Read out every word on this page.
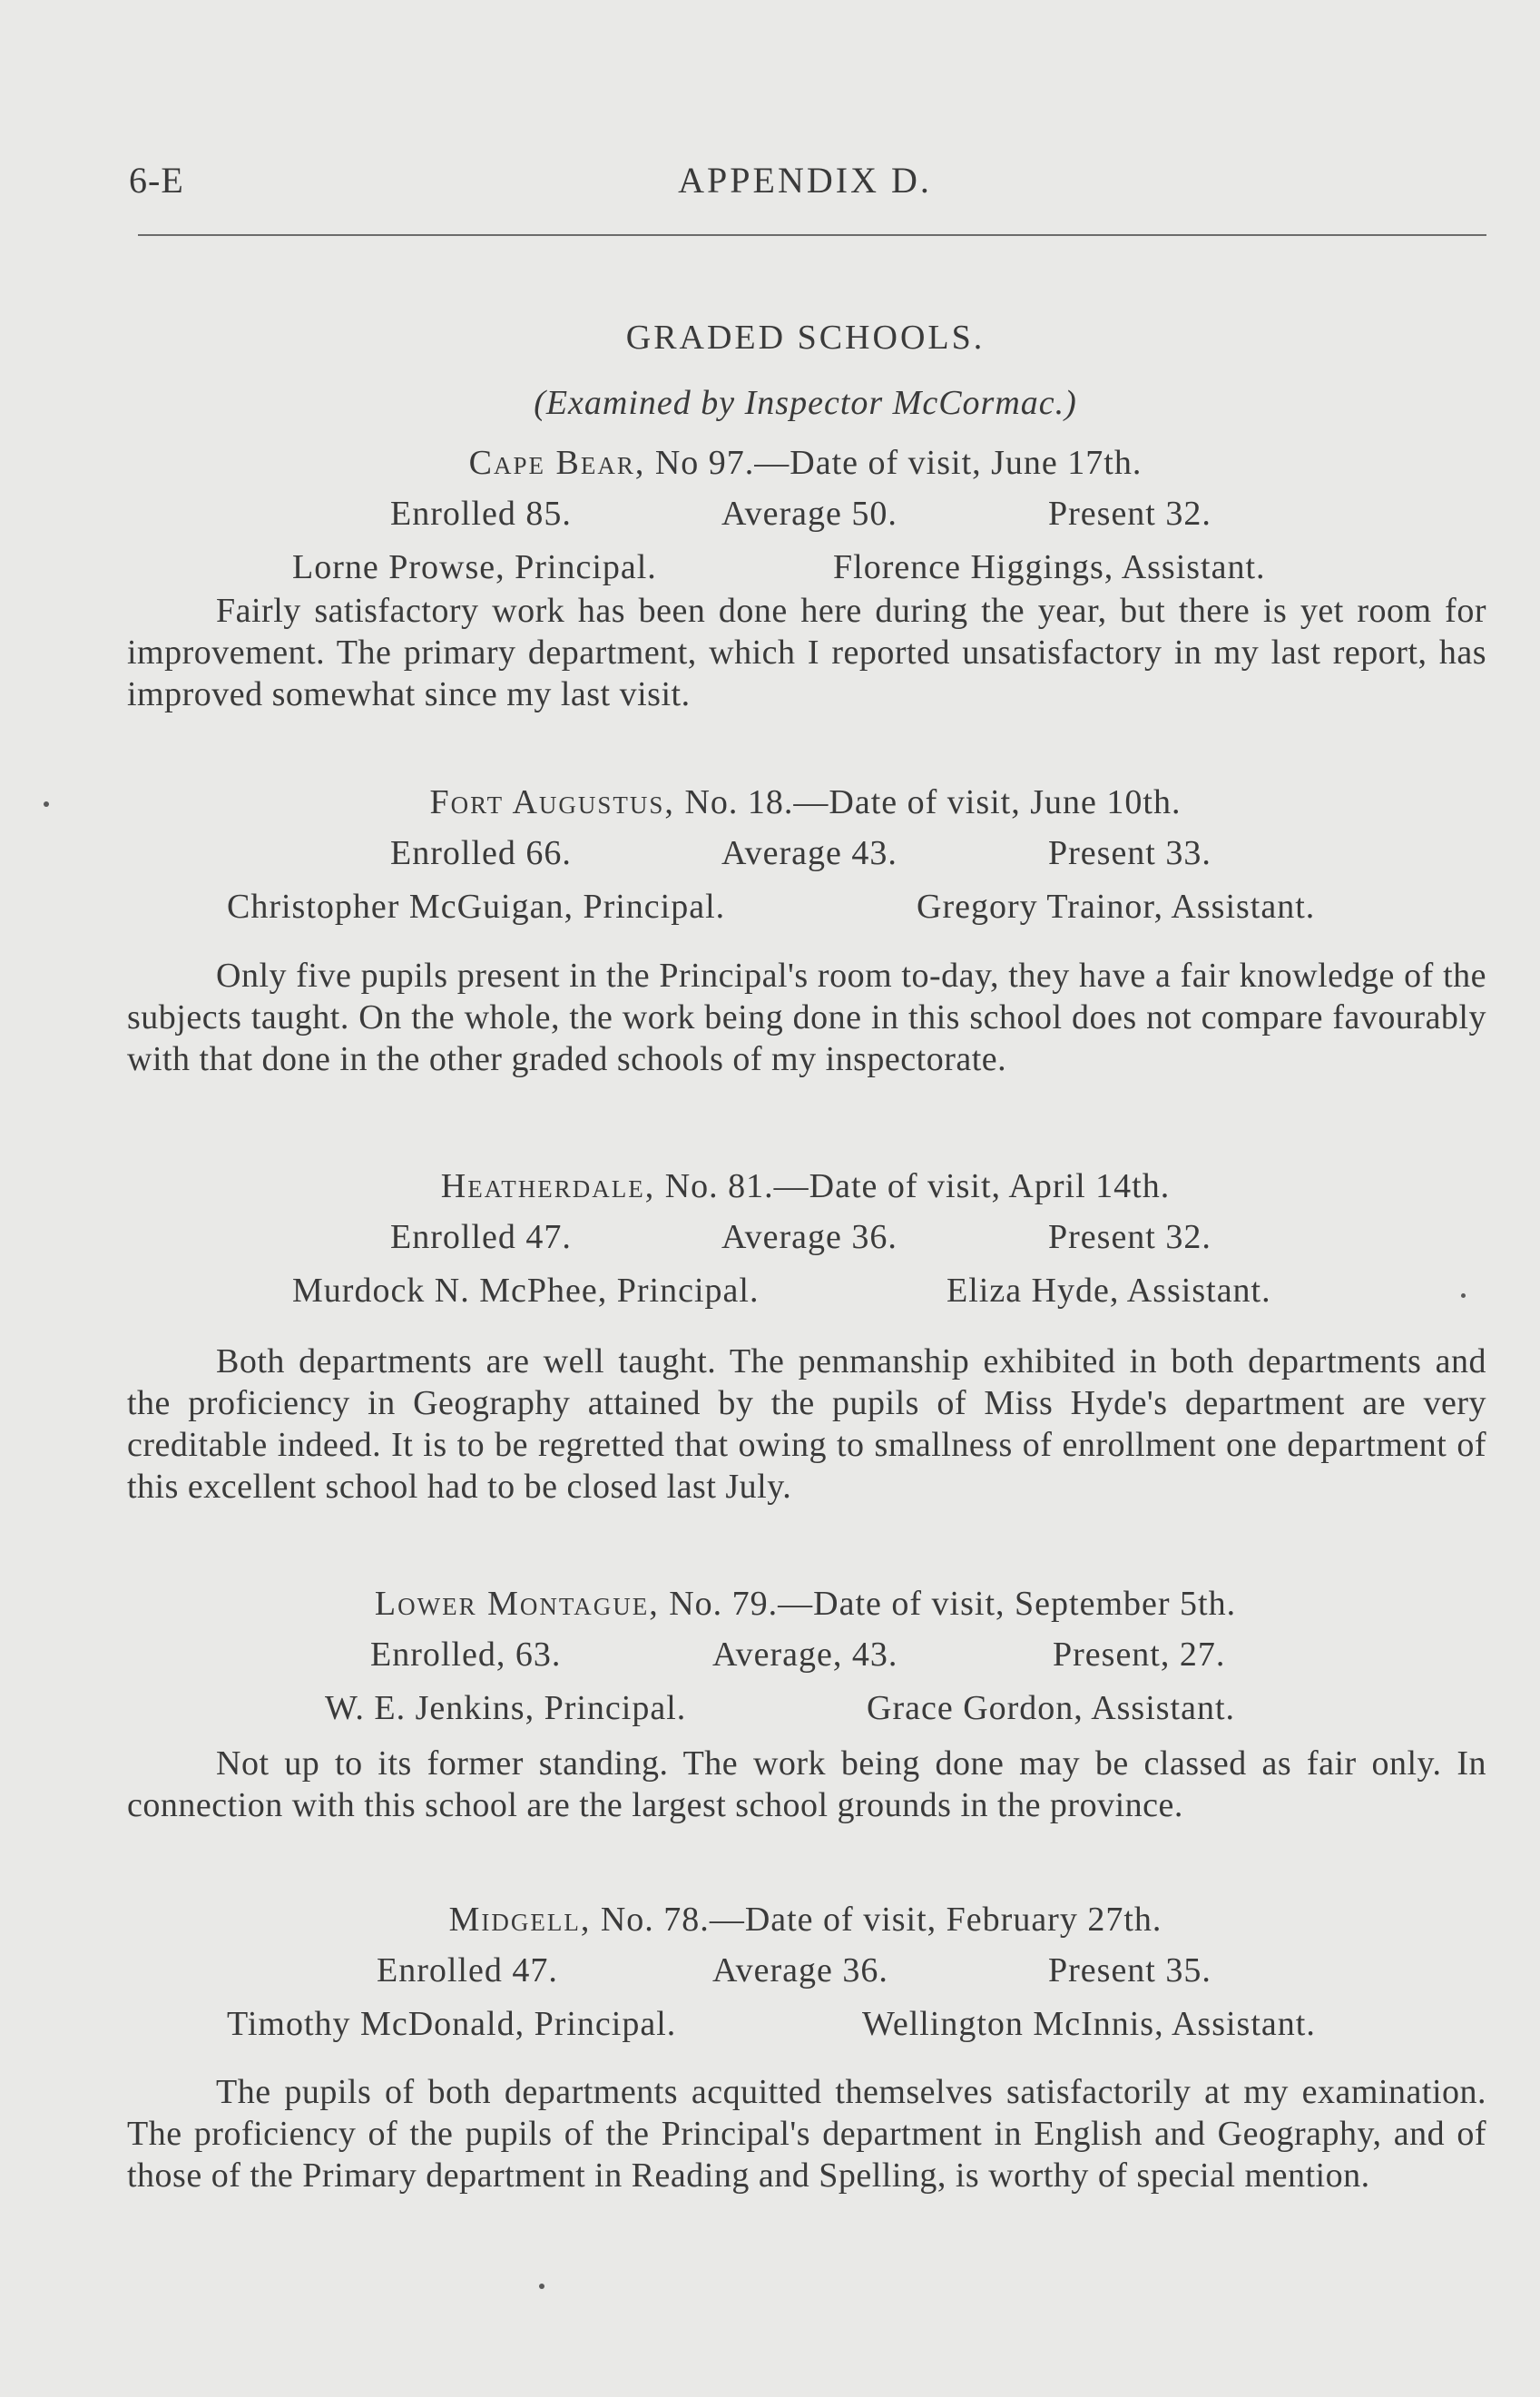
6-E	APPENDIX D.
GRADED SCHOOLS.
(Examined by Inspector McCormac.)
Cape Bear, No 97.—Date of visit, June 17th.
Enrolled 85.	Average 50.	Present 32.
Lorne Prowse, Principal.	Florence Higgings, Assistant.

Fairly satisfactory work has been done here during the year, but there is yet room for improvement. The primary department, which I reported unsatisfactory in my last report, has improved somewhat since my last visit.

Fort Augustus, No. 18.—Date of visit, June 10th.
Enrolled 66.	Average 43.	Present 33.
Christopher McGuigan, Principal.	Gregory Trainor, Assistant.

Only five pupils present in the Principal's room to-day, they have a fair knowledge of the subjects taught. On the whole, the work being done in this school does not compare favourably with that done in the other graded schools of my inspectorate.

Heatherdale, No. 81.—Date of visit, April 14th.
Enrolled 47.	Average 36.	Present 32.
Murdock N. McPhee, Principal.	Eliza Hyde, Assistant.

Both departments are well taught. The penmanship exhibited in both departments and the proficiency in Geography attained by the pupils of Miss Hyde's department are very creditable indeed. It is to be regretted that owing to smallness of enrollment one department of this excellent school had to be closed last July.

Lower Montague, No. 79.—Date of visit, September 5th.
Enrolled, 63.	Average, 43.	Present, 27.
W. E. Jenkins, Principal.	Grace Gordon, Assistant.

Not up to its former standing. The work being done may be classed as fair only. In connection with this school are the largest school grounds in the province.

Midgell, No. 78.—Date of visit, February 27th.
Enrolled 47.	Average 36.	Present 35.
Timothy McDonald, Principal.	Wellington McInnis, Assistant.

The pupils of both departments acquitted themselves satisfactorily at my examination. The proficiency of the pupils of the Principal's department in English and Geography, and of those of the Primary department in Reading and Spelling, is worthy of special mention.
